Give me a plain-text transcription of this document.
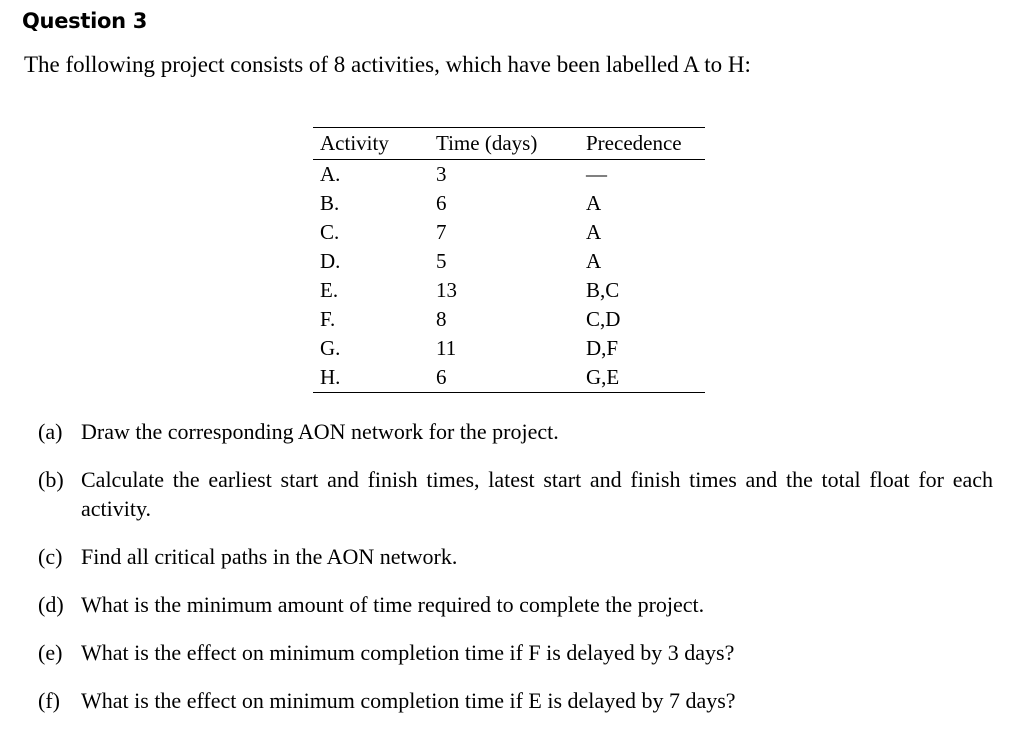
Question 3
The following project consists of 8 activities, which have been labelled A to H:
Activity	Time (days)	Precedence
A.	3	—
B.	6	A
C.	7	A
D.	5	A
E.	13	B,C
F.	8	C,D
G.	11	D,F
H.	6	G,E
(a) Draw the corresponding AON network for the project.
(b) Calculate the earliest start and finish times, latest start and finish times and the total float for each activity.
(c) Find all critical paths in the AON network.
(d) What is the minimum amount of time required to complete the project.
(e) What is the effect on minimum completion time if F is delayed by 3 days?
(f) What is the effect on minimum completion time if E is delayed by 7 days?
